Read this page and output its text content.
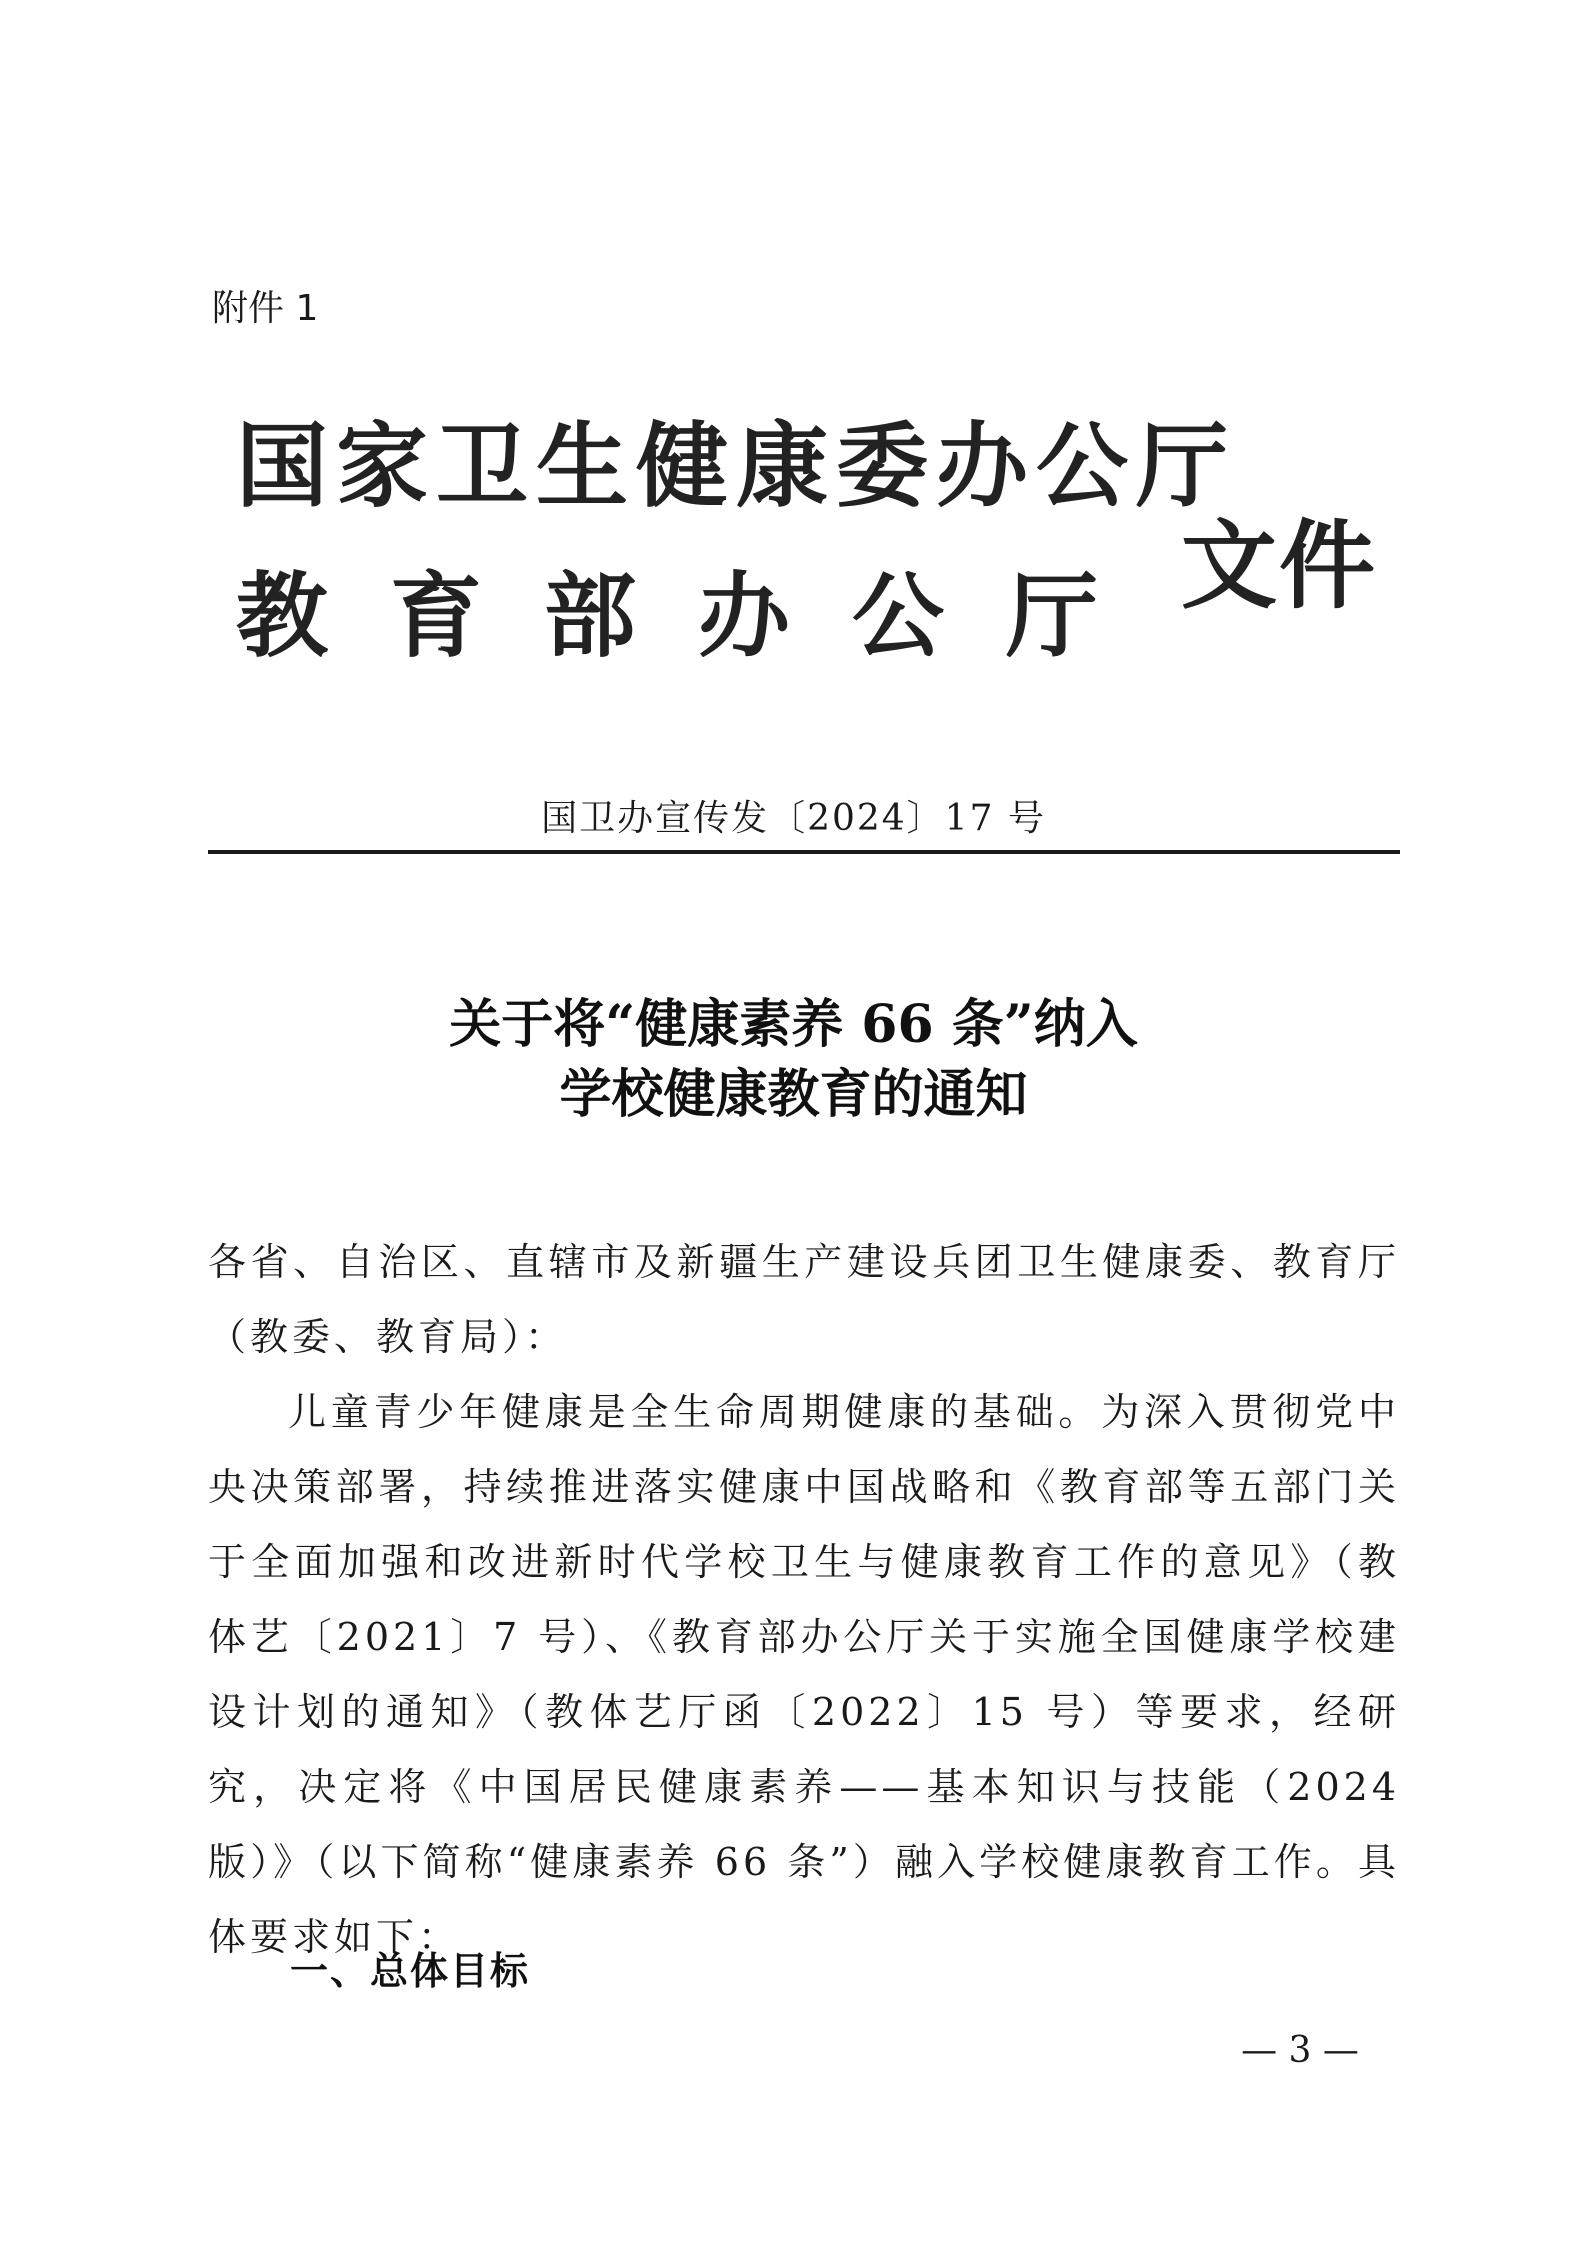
附件 1
国家卫生健康委办公厅
教育部办公厅 文件
国卫办宣传发〔2024〕17 号
关于将“健康素养 66 条”纳入
学校健康教育的通知

各省、自治区、直辖市及新疆生产建设兵团卫生健康委、教育厅（教委、教育局）：

儿童青少年健康是全生命周期健康的基础。为深入贯彻党中央决策部署，持续推进落实健康中国战略和《教育部等五部门关于全面加强和改进新时代学校卫生与健康教育工作的意见》（教体艺〔2021〕7 号）、《教育部办公厅关于实施全国健康学校建设计划的通知》（教体艺厅函〔2022〕15 号）等要求，经研究，决定将《中国居民健康素养——基本知识与技能（2024 版）》（以下简称“健康素养 66 条”）融入学校健康教育工作。具体要求如下：

一、总体目标
— 3 —
